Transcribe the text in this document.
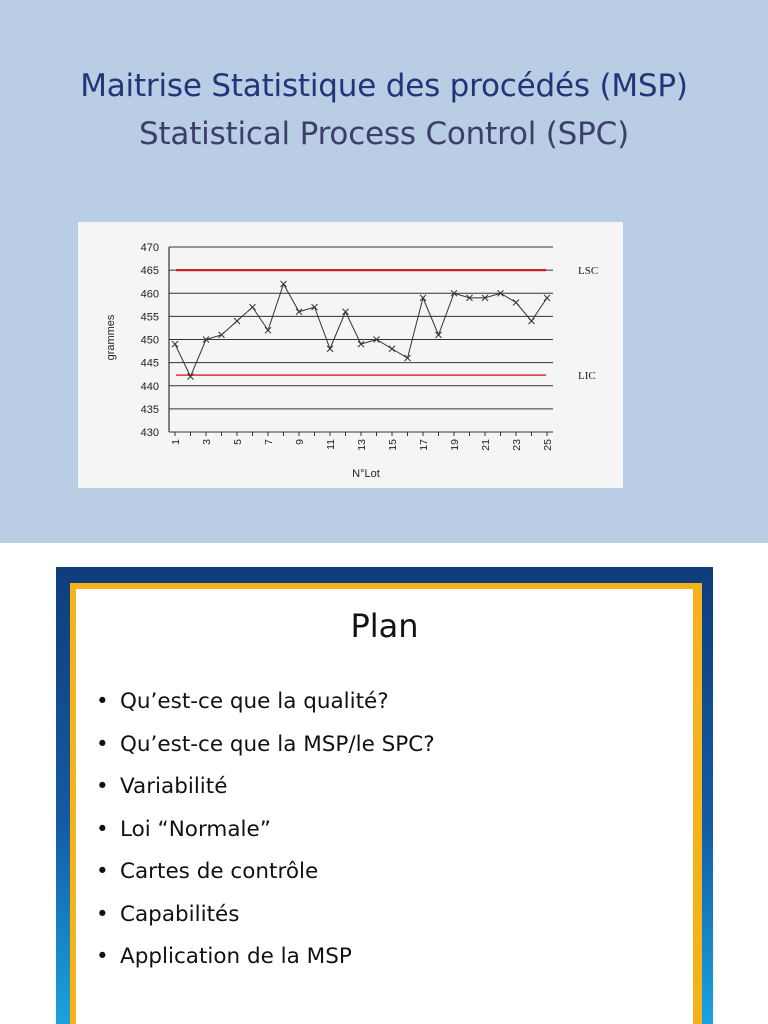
Maitrise Statistique des procédés (MSP)
Statistical Process Control (SPC)
430
435
440
445
450
455
460
465
470
1 3 5 7 9 11 13 15 17 19 21 23 25
N°Lot
grammes
LSC
LIC
Plan
• Qu’est-ce que la qualité?
• Qu’est-ce que la MSP/le SPC?
• Variabilité
• Loi “Normale”
• Cartes de contrôle
• Capabilités
• Application de la MSP
